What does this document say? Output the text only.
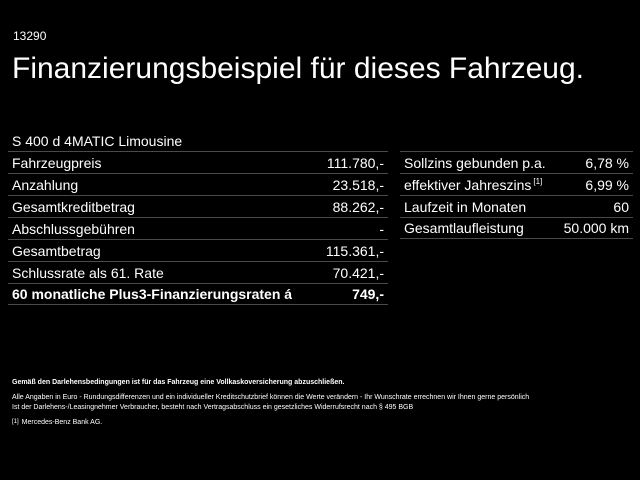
13290
Finanzierungsbeispiel für dieses Fahrzeug.
S 400 d 4MATIC Limousine
Fahrzeugpreis	111.780,-
Anzahlung	23.518,-
Gesamtkreditbetrag	88.262,-
Abschlussgebühren	-
Gesamtbetrag	115.361,-
Schlussrate als 61. Rate	70.421,-
60 monatliche Plus3-Finanzierungsraten á	749,-
Sollzins gebunden p.a.	6,78 %
effektiver Jahreszins [1]	6,99 %
Laufzeit in Monaten	60
Gesamtlaufleistung	50.000 km
Gemäß den Darlehensbedingungen ist für das Fahrzeug eine Vollkaskoversicherung abzuschließen.
Alle Angaben in Euro - Rundungsdifferenzen und ein individueller Kreditschutzbrief können die Werte verändern - Ihr Wunschrate errechnen wir Ihnen gerne persönlich
Ist der Darlehens-/Leasingnehmer Verbraucher, besteht nach Vertragsabschluss ein gesetzliches Widerrufsrecht nach § 495 BGB
[1] Mercedes-Benz Bank AG.
